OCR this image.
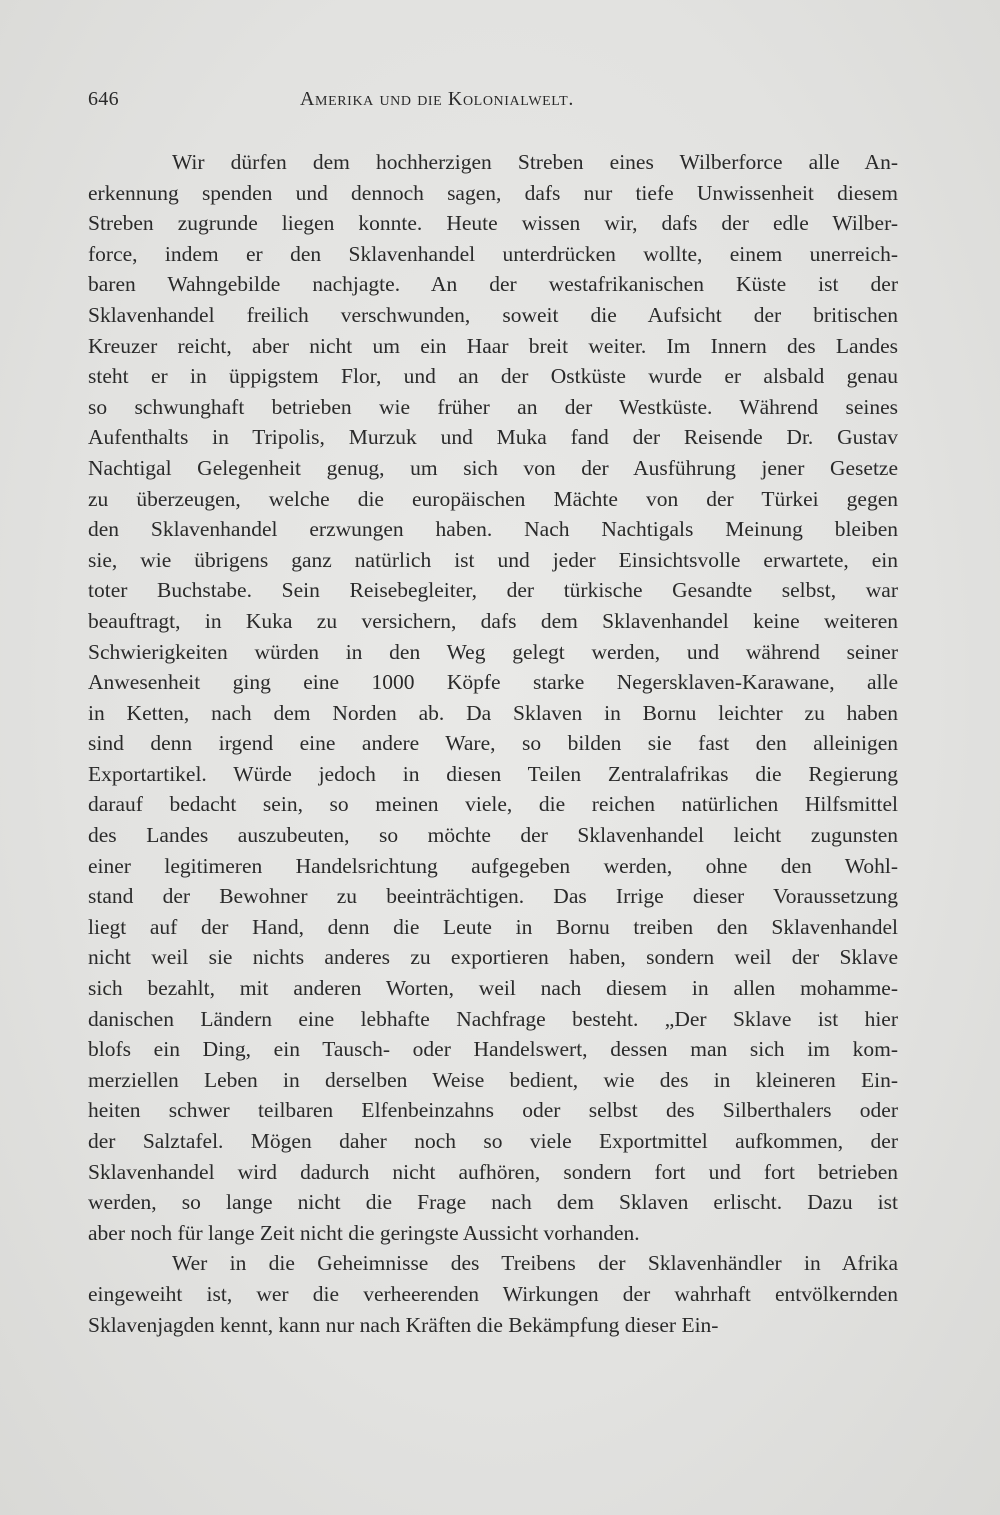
646	Amerika und die Kolonialwelt.
Wir dürfen dem hochherzigen Streben eines Wilberforce alle An-
erkennung spenden und dennoch sagen, dafs nur tiefe Unwissenheit diesem
Streben zugrunde liegen konnte. Heute wissen wir, dafs der edle Wilber-
force, indem er den Sklavenhandel unterdrücken wollte, einem unerreich-
baren Wahngebilde nachjagte. An der westafrikanischen Küste ist der
Sklavenhandel freilich verschwunden, soweit die Aufsicht der britischen
Kreuzer reicht, aber nicht um ein Haar breit weiter. Im Innern des Landes
steht er in üppigstem Flor, und an der Ostküste wurde er alsbald genau
so schwunghaft betrieben wie früher an der Westküste. Während seines
Aufenthalts in Tripolis, Murzuk und Muka fand der Reisende Dr. Gustav
Nachtigal Gelegenheit genug, um sich von der Ausführung jener Gesetze
zu überzeugen, welche die europäischen Mächte von der Türkei gegen
den Sklavenhandel erzwungen haben. Nach Nachtigals Meinung bleiben
sie, wie übrigens ganz natürlich ist und jeder Einsichtsvolle erwartete, ein
toter Buchstabe. Sein Reisebegleiter, der türkische Gesandte selbst, war
beauftragt, in Kuka zu versichern, dafs dem Sklavenhandel keine weiteren
Schwierigkeiten würden in den Weg gelegt werden, und während seiner
Anwesenheit ging eine 1000 Köpfe starke Negersklaven-Karawane, alle
in Ketten, nach dem Norden ab. Da Sklaven in Bornu leichter zu haben
sind denn irgend eine andere Ware, so bilden sie fast den alleinigen
Exportartikel. Würde jedoch in diesen Teilen Zentralafrikas die Regierung
darauf bedacht sein, so meinen viele, die reichen natürlichen Hilfsmittel
des Landes auszubeuten, so möchte der Sklavenhandel leicht zugunsten
einer legitimeren Handelsrichtung aufgegeben werden, ohne den Wohl-
stand der Bewohner zu beeinträchtigen. Das Irrige dieser Voraussetzung
liegt auf der Hand, denn die Leute in Bornu treiben den Sklavenhandel
nicht weil sie nichts anderes zu exportieren haben, sondern weil der Sklave
sich bezahlt, mit anderen Worten, weil nach diesem in allen mohamme-
danischen Ländern eine lebhafte Nachfrage besteht. „Der Sklave ist hier
blofs ein Ding, ein Tausch- oder Handelswert, dessen man sich im kom-
merziellen Leben in derselben Weise bedient, wie des in kleineren Ein-
heiten schwer teilbaren Elfenbeinzahns oder selbst des Silberthalers oder
der Salztafel. Mögen daher noch so viele Exportmittel aufkommen, der
Sklavenhandel wird dadurch nicht aufhören, sondern fort und fort betrieben
werden, so lange nicht die Frage nach dem Sklaven erlischt. Dazu ist
aber noch für lange Zeit nicht die geringste Aussicht vorhanden.
Wer in die Geheimnisse des Treibens der Sklavenhändler in Afrika
eingeweiht ist, wer die verheerenden Wirkungen der wahrhaft entvölkernden
Sklavenjagden kennt, kann nur nach Kräften die Bekämpfung dieser Ein-
